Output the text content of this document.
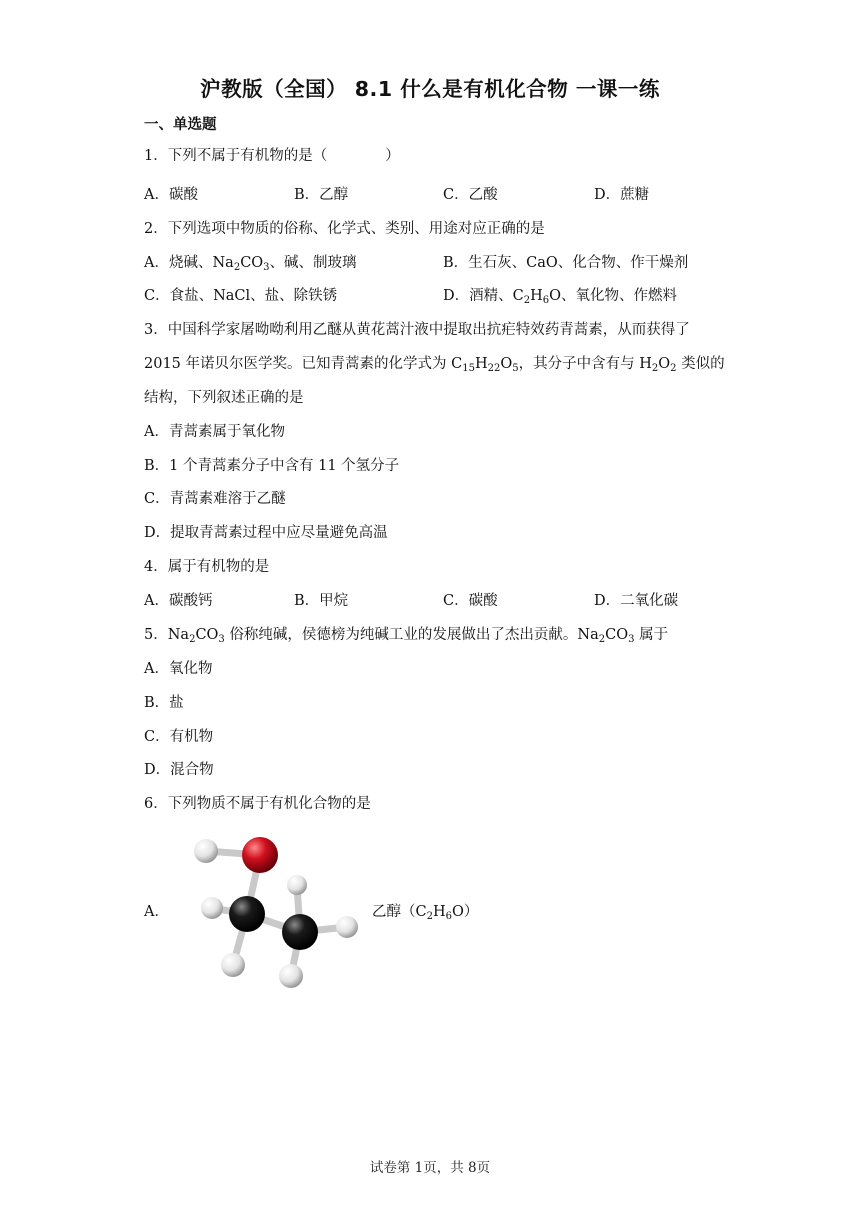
沪教版（全国） 8.1 什么是有机化合物 一课一练
一、单选题
1．下列不属于有机物的是（　　　　）
A．碳酸	B．乙醇	C．乙酸	D．蔗糖
2．下列选项中物质的俗称、化学式、类别、用途对应正确的是
A．烧碱、$Na_2CO_3$、碱、制玻璃	B．生石灰、CaO、化合物、作干燥剂
C．食盐、NaCl、盐、除铁锈	D．酒精、$C_2H_6O$、氧化物、作燃料
3．中国科学家屠呦呦利用乙醚从黄花蒿汁液中提取出抗疟特效药青蒿素，从而获得了
2015 年诺贝尔医学奖。已知青蒿素的化学式为 $C_{15}H_{22}O_5$，其分子中含有与 $H_2O_2$ 类似的
结构，下列叙述正确的是
A．青蒿素属于氧化物
B．1 个青蒿素分子中含有 11 个氢分子
C．青蒿素难溶于乙醚
D．提取青蒿素过程中应尽量避免高温
4．属于有机物的是
A．碳酸钙	B．甲烷	C．碳酸	D．二氧化碳
5．$Na_2CO_3$ 俗称纯碱，侯德榜为纯碱工业的发展做出了杰出贡献。$Na_2CO_3$ 属于
A．氧化物
B．盐
C．有机物
D．混合物
6．下列物质不属于有机化合物的是
A．	乙醇$(C_2H_6O)$
试卷第 1页，共 8页
